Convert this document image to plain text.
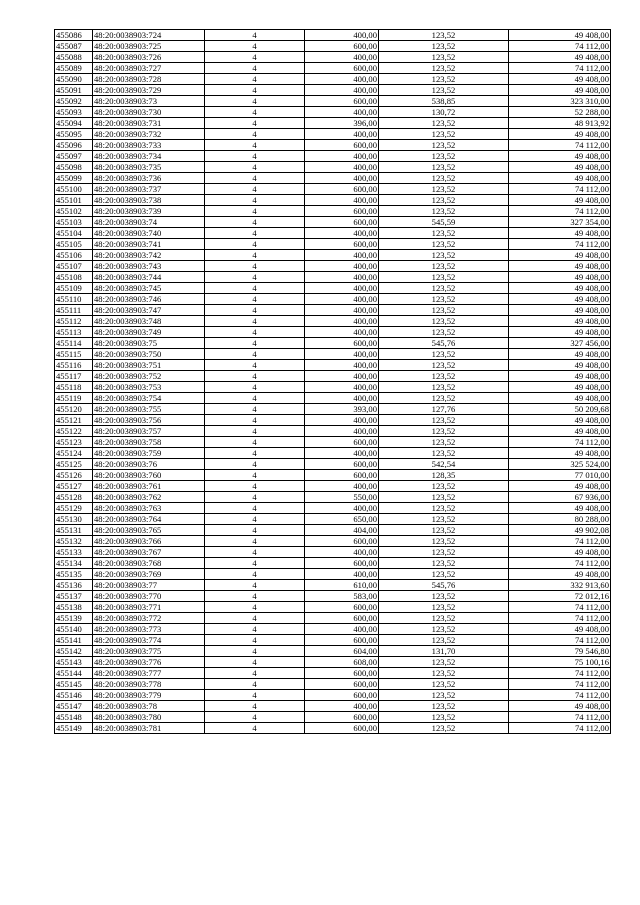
455086	48:20:0038903:724	4	400,00	123,52	49 408,00
455087	48:20:0038903:725	4	600,00	123,52	74 112,00
455088	48:20:0038903:726	4	400,00	123,52	49 408,00
455089	48:20:0038903:727	4	600,00	123,52	74 112,00
455090	48:20:0038903:728	4	400,00	123,52	49 408,00
455091	48:20:0038903:729	4	400,00	123,52	49 408,00
455092	48:20:0038903:73	4	600,00	538,85	323 310,00
455093	48:20:0038903:730	4	400,00	130,72	52 288,00
455094	48:20:0038903:731	4	396,00	123,52	48 913,92
455095	48:20:0038903:732	4	400,00	123,52	49 408,00
455096	48:20:0038903:733	4	600,00	123,52	74 112,00
455097	48:20:0038903:734	4	400,00	123,52	49 408,00
455098	48:20:0038903:735	4	400,00	123,52	49 408,00
455099	48:20:0038903:736	4	400,00	123,52	49 408,00
455100	48:20:0038903:737	4	600,00	123,52	74 112,00
455101	48:20:0038903:738	4	400,00	123,52	49 408,00
455102	48:20:0038903:739	4	600,00	123,52	74 112,00
455103	48:20:0038903:74	4	600,00	545,59	327 354,00
455104	48:20:0038903:740	4	400,00	123,52	49 408,00
455105	48:20:0038903:741	4	600,00	123,52	74 112,00
455106	48:20:0038903:742	4	400,00	123,52	49 408,00
455107	48:20:0038903:743	4	400,00	123,52	49 408,00
455108	48:20:0038903:744	4	400,00	123,52	49 408,00
455109	48:20:0038903:745	4	400,00	123,52	49 408,00
455110	48:20:0038903:746	4	400,00	123,52	49 408,00
455111	48:20:0038903:747	4	400,00	123,52	49 408,00
455112	48:20:0038903:748	4	400,00	123,52	49 408,00
455113	48:20:0038903:749	4	400,00	123,52	49 408,00
455114	48:20:0038903:75	4	600,00	545,76	327 456,00
455115	48:20:0038903:750	4	400,00	123,52	49 408,00
455116	48:20:0038903:751	4	400,00	123,52	49 408,00
455117	48:20:0038903:752	4	400,00	123,52	49 408,00
455118	48:20:0038903:753	4	400,00	123,52	49 408,00
455119	48:20:0038903:754	4	400,00	123,52	49 408,00
455120	48:20:0038903:755	4	393,00	127,76	50 209,68
455121	48:20:0038903:756	4	400,00	123,52	49 408,00
455122	48:20:0038903:757	4	400,00	123,52	49 408,00
455123	48:20:0038903:758	4	600,00	123,52	74 112,00
455124	48:20:0038903:759	4	400,00	123,52	49 408,00
455125	48:20:0038903:76	4	600,00	542,54	325 524,00
455126	48:20:0038903:760	4	600,00	128,35	77 010,00
455127	48:20:0038903:761	4	400,00	123,52	49 408,00
455128	48:20:0038903:762	4	550,00	123,52	67 936,00
455129	48:20:0038903:763	4	400,00	123,52	49 408,00
455130	48:20:0038903:764	4	650,00	123,52	80 288,00
455131	48:20:0038903:765	4	404,00	123,52	49 902,08
455132	48:20:0038903:766	4	600,00	123,52	74 112,00
455133	48:20:0038903:767	4	400,00	123,52	49 408,00
455134	48:20:0038903:768	4	600,00	123,52	74 112,00
455135	48:20:0038903:769	4	400,00	123,52	49 408,00
455136	48:20:0038903:77	4	610,00	545,76	332 913,60
455137	48:20:0038903:770	4	583,00	123,52	72 012,16
455138	48:20:0038903:771	4	600,00	123,52	74 112,00
455139	48:20:0038903:772	4	600,00	123,52	74 112,00
455140	48:20:0038903:773	4	400,00	123,52	49 408,00
455141	48:20:0038903:774	4	600,00	123,52	74 112,00
455142	48:20:0038903:775	4	604,00	131,70	79 546,80
455143	48:20:0038903:776	4	608,00	123,52	75 100,16
455144	48:20:0038903:777	4	600,00	123,52	74 112,00
455145	48:20:0038903:778	4	600,00	123,52	74 112,00
455146	48:20:0038903:779	4	600,00	123,52	74 112,00
455147	48:20:0038903:78	4	400,00	123,52	49 408,00
455148	48:20:0038903:780	4	600,00	123,52	74 112,00
455149	48:20:0038903:781	4	600,00	123,52	74 112,00
